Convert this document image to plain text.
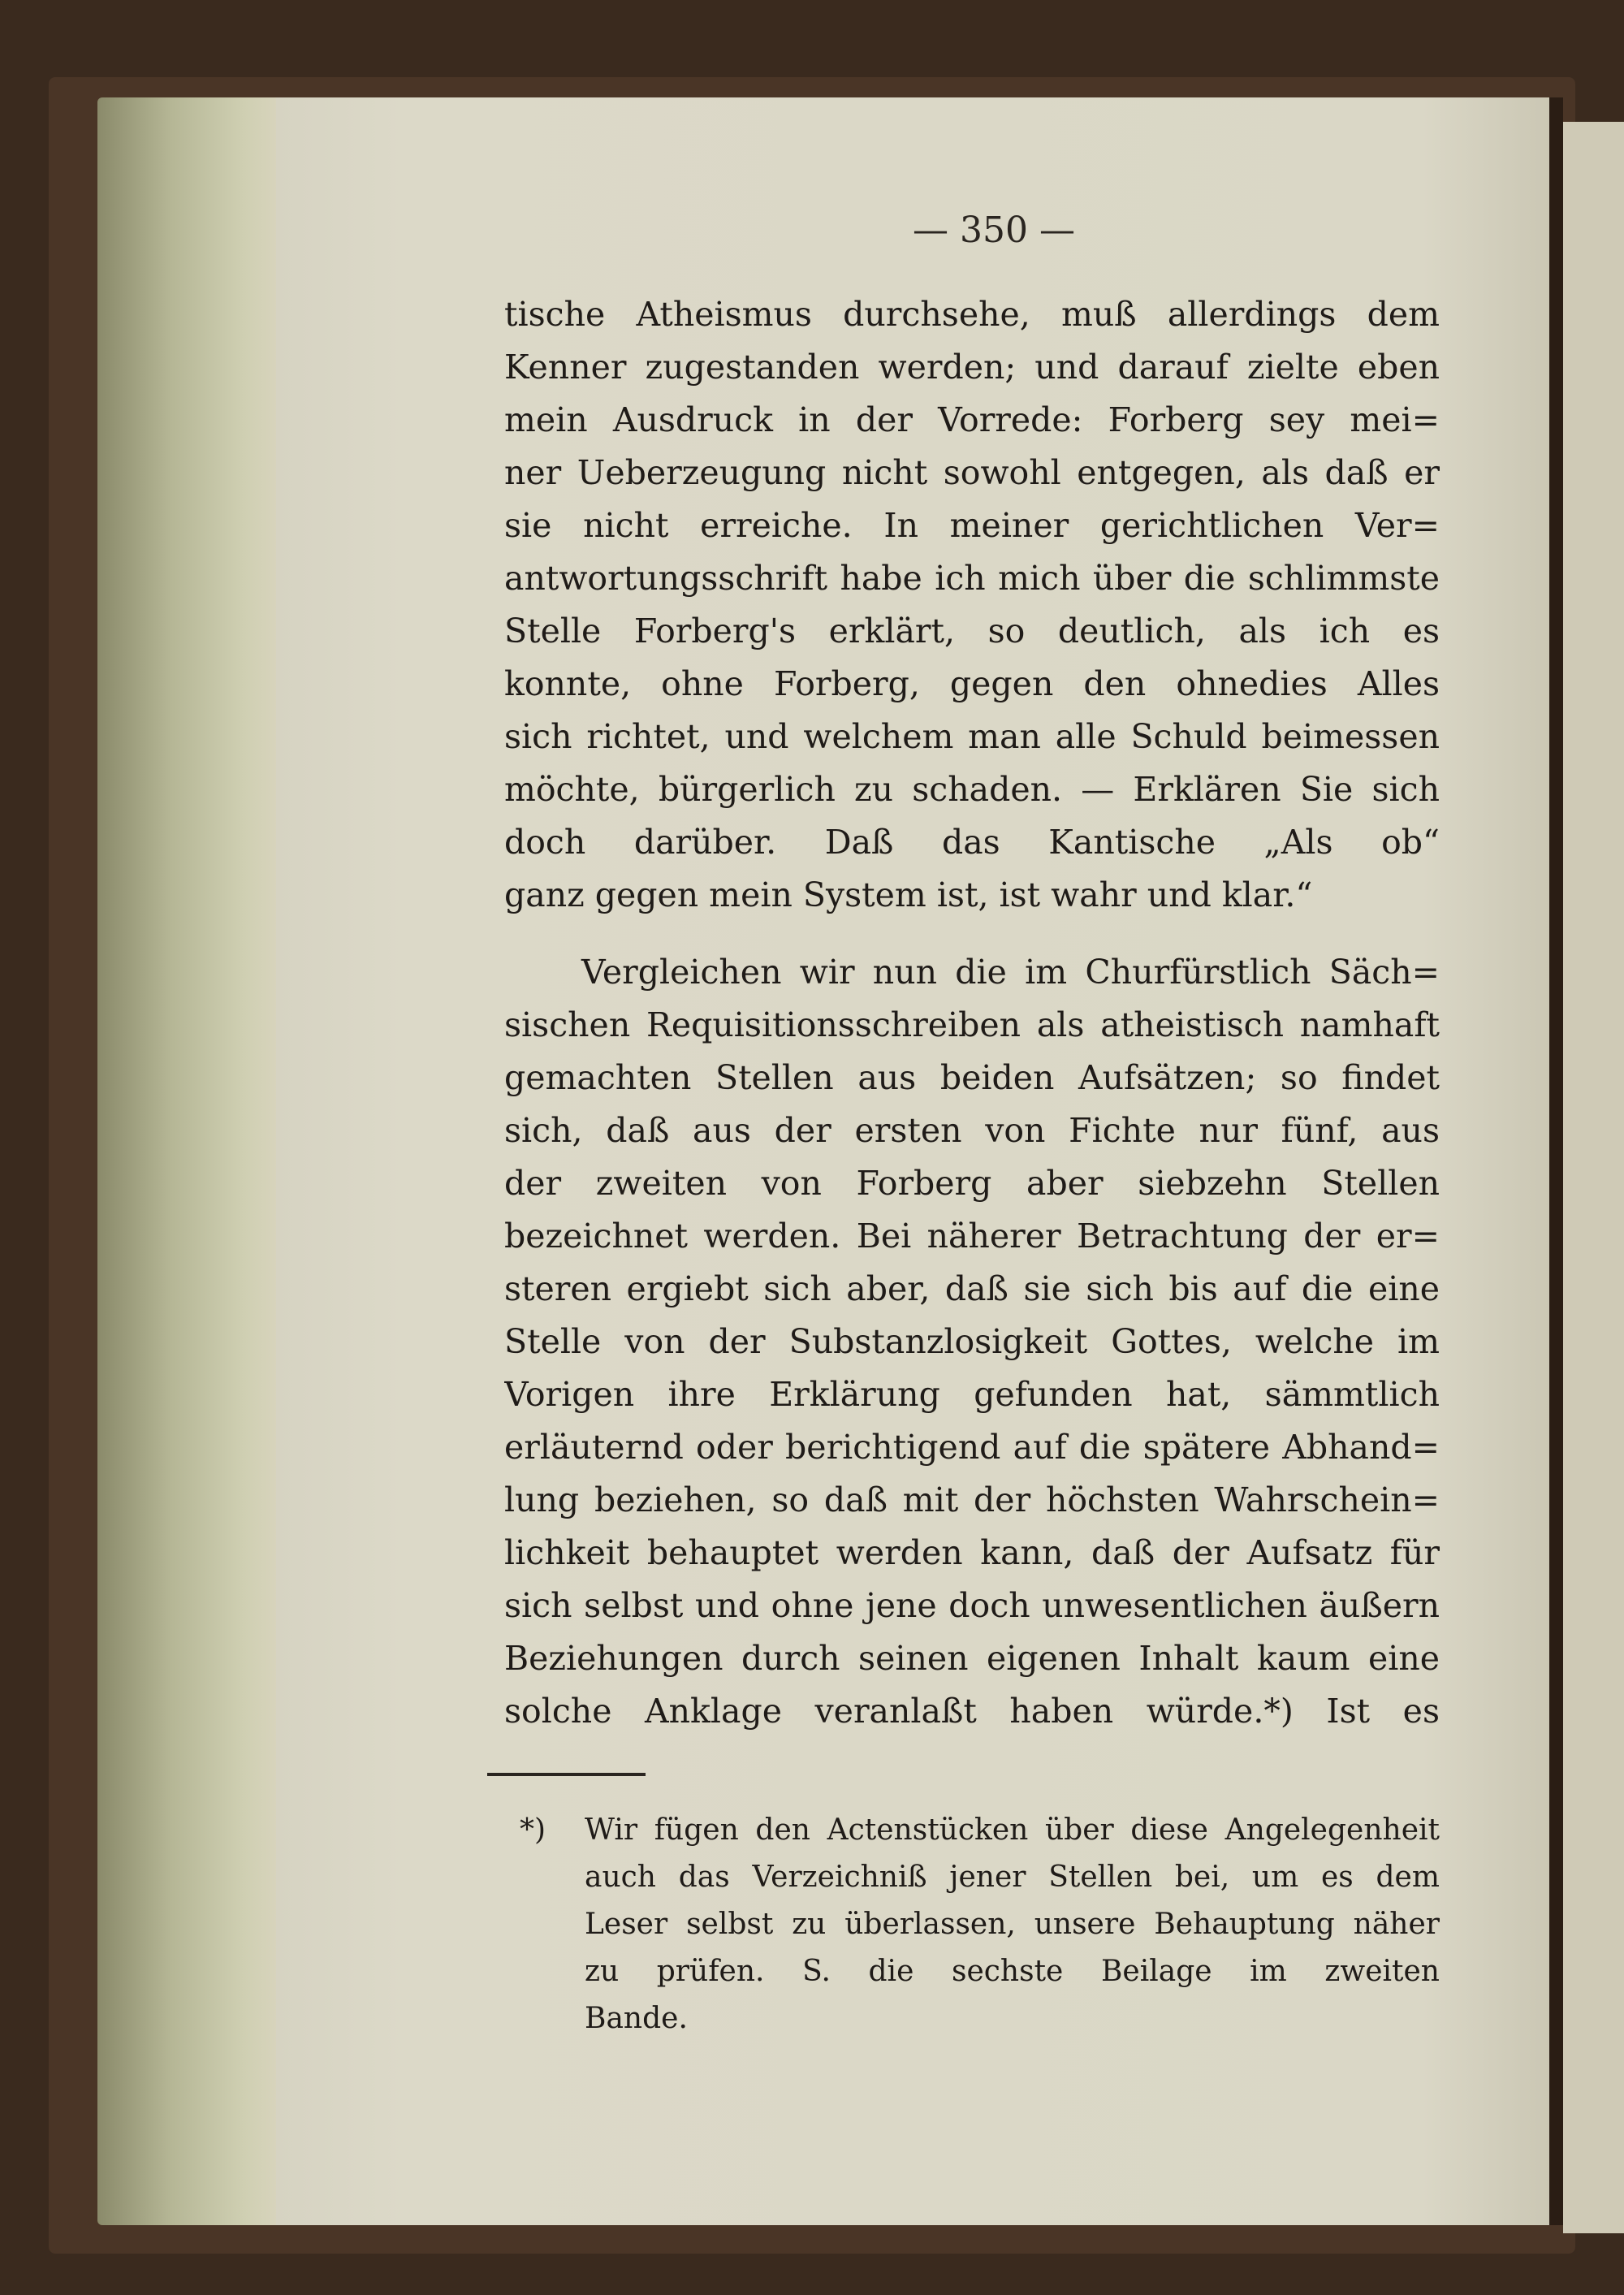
— 350 —
tische Atheismus durchsehe, muß allerdings dem
Kenner zugestanden werden; und darauf zielte eben
mein Ausdruck in der Vorrede: Forberg sey mei=
ner Ueberzeugung nicht sowohl entgegen, als daß er
sie nicht erreiche. In meiner gerichtlichen Ver=
antwortungsschrift habe ich mich über die schlimmste
Stelle Forberg's erklärt, so deutlich, als ich es
konnte, ohne Forberg, gegen den ohnedies Alles
sich richtet, und welchem man alle Schuld beimessen
möchte, bürgerlich zu schaden. — Erklären Sie sich
doch darüber. Daß das Kantische „Als ob“
ganz gegen mein System ist, ist wahr und klar.“
Vergleichen wir nun die im Churfürstlich Säch=
sischen Requisitionsschreiben als atheistisch namhaft
gemachten Stellen aus beiden Aufsätzen; so findet
sich, daß aus der ersten von Fichte nur fünf, aus
der zweiten von Forberg aber siebzehn Stellen
bezeichnet werden. Bei näherer Betrachtung der er=
steren ergiebt sich aber, daß sie sich bis auf die eine
Stelle von der Substanzlosigkeit Gottes, welche im
Vorigen ihre Erklärung gefunden hat, sämmtlich
erläuternd oder berichtigend auf die spätere Abhand=
lung beziehen, so daß mit der höchsten Wahrschein=
lichkeit behauptet werden kann, daß der Aufsatz für
sich selbst und ohne jene doch unwesentlichen äußern
Beziehungen durch seinen eigenen Inhalt kaum eine
solche Anklage veranlaßt haben würde.*) Ist es
*) Wir fügen den Actenstücken über diese Angelegenheit
auch das Verzeichniß jener Stellen bei, um es dem
Leser selbst zu überlassen, unsere Behauptung näher
zu prüfen. S. die sechste Beilage im zweiten
Bande.
